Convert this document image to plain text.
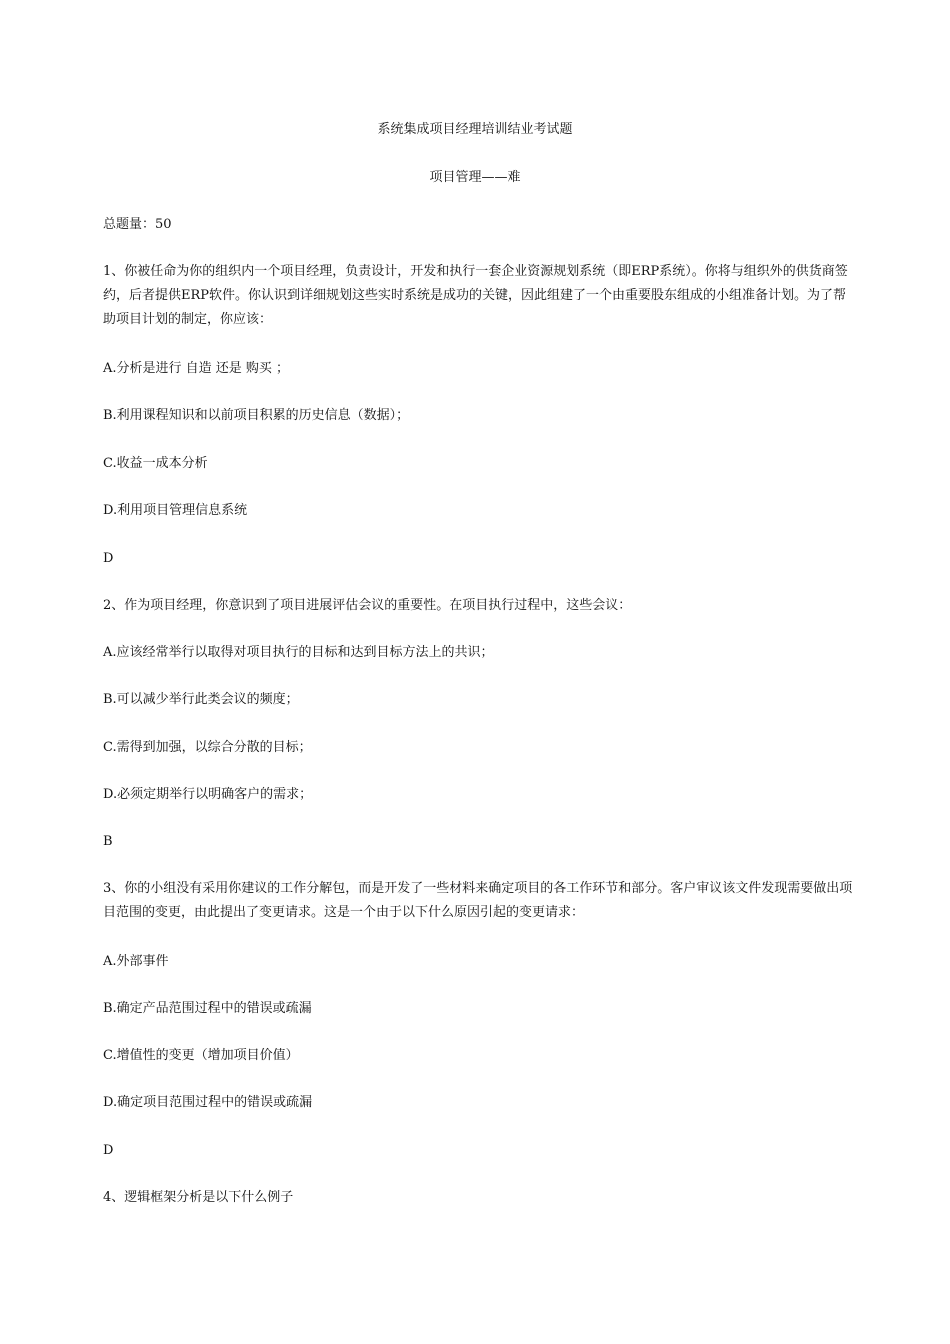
系统集成项目经理培训结业考试题
项目管理——难
总题量：50
1、你被任命为你的组织内一个项目经理，负责设计，开发和执行一套企业资源规划系统（即ERP系统）。你将与组织外的供货商签约，后者提供ERP软件。你认识到详细规划这些实时系统是成功的关键，因此组建了一个由重要股东组成的小组准备计划。为了帮助项目计划的制定，你应该：
A.分析是进行 自造 还是 购买 ；
B.利用课程知识和以前项目积累的历史信息（数据）；
C.收益一成本分析
D.利用项目管理信息系统
D
2、作为项目经理，你意识到了项目进展评估会议的重要性。在项目执行过程中，这些会议：
A.应该经常举行以取得对项目执行的目标和达到目标方法上的共识；
B.可以减少举行此类会议的频度；
C.需得到加强，以综合分散的目标；
D.必须定期举行以明确客户的需求；
B
3、你的小组没有采用你建议的工作分解包，而是开发了一些材料来确定项目的各工作环节和部分。客户审议该文件发现需要做出项目范围的变更，由此提出了变更请求。这是一个由于以下什么原因引起的变更请求：
A.外部事件
B.确定产品范围过程中的错误或疏漏
C.增值性的变更（增加项目价值）
D.确定项目范围过程中的错误或疏漏
D
4、逻辑框架分析是以下什么例子
